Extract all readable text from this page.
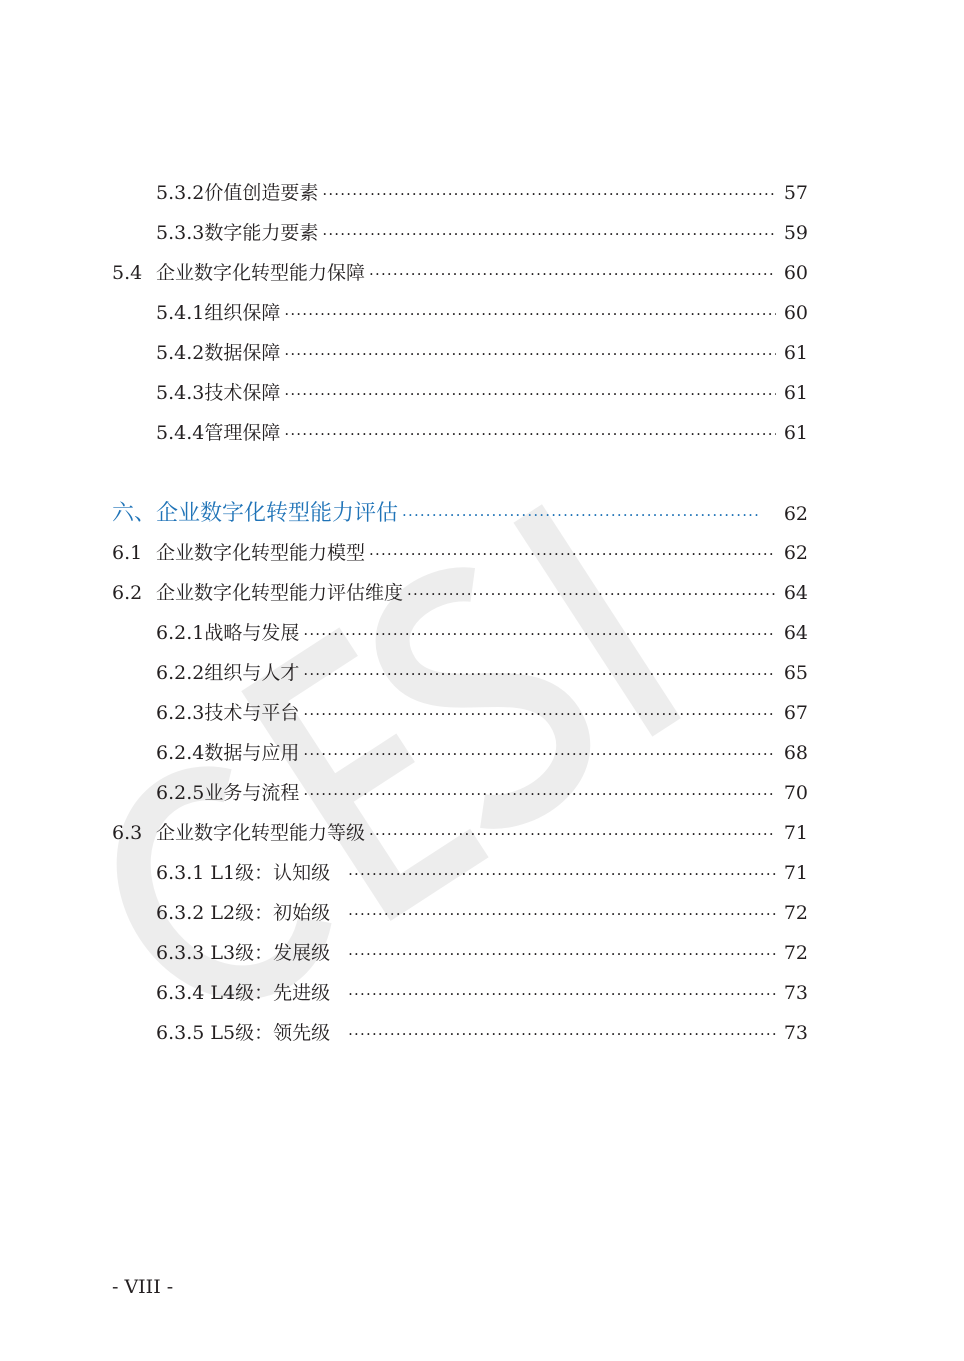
5.3.2价值创造要素 ·····	57
5.3.3数字能力要素 ·····	59
5.4 企业数字化转型能力保障 ·····	60
5.4.1组织保障 ·····	60
5.4.2数据保障 ·····	61
5.4.3技术保障 ·····	61
5.4.4管理保障 ·····	61
六、企业数字化转型能力评估 ·····	62
6.1 企业数字化转型能力模型 ·····	62
6.2 企业数字化转型能力评估维度 ·····	64
6.2.1战略与发展 ·····	64
6.2.2组织与人才 ·····	65
6.2.3技术与平台 ·····	67
6.2.4数据与应用 ·····	68
6.2.5业务与流程 ·····	70
6.3 企业数字化转型能力等级 ·····	71
6.3.1 L1级：认知级 ·····	71
6.3.2 L2级：初始级 ·····	72
6.3.3 L3级：发展级 ·····	72
6.3.4 L4级：先进级 ·····	73
6.3.5 L5级：领先级 ·····	73
- VIII -
